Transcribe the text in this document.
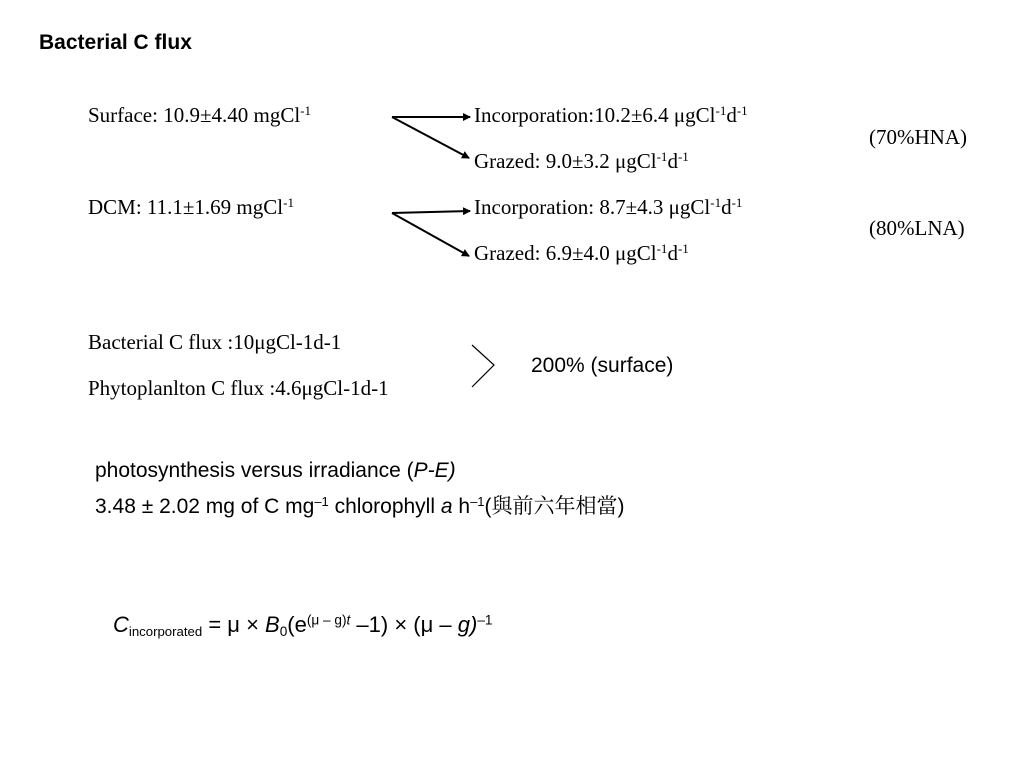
Bacterial C flux
Surface: 10.9±4.40 mgCl$^{-1}$	Incorporation:10.2±6.4 $\mu gCl^{-1}d^{-1}$
Grazed: 9.0±3.2 $\mu gCl^{-1}d^{-1}$
(70%HNA)
DCM: 11.1±1.69 mgCl$^{-1}$	Incorporation: 8.7±4.3 $\mu gCl^{-1}d^{-1}$
Grazed: 6.9±4.0 $\mu gCl^{-1}d^{-1}$
(80%LNA)
Bacterial C flux :10μgCl-1d-1
Phytoplanlton C flux :4.6μgCl-1d-1
200% (surface)
photosynthesis versus irradiance (P-E)
3.48 ± 2.02 mg of C $mg^{-1}$ chlorophyll a $h^{-1}$(與前六年相當)
$C_{incorporated} = \mu \times B_0(e^{(\mu - g)t}$ –1) × (μ – g)$^{-1}$
